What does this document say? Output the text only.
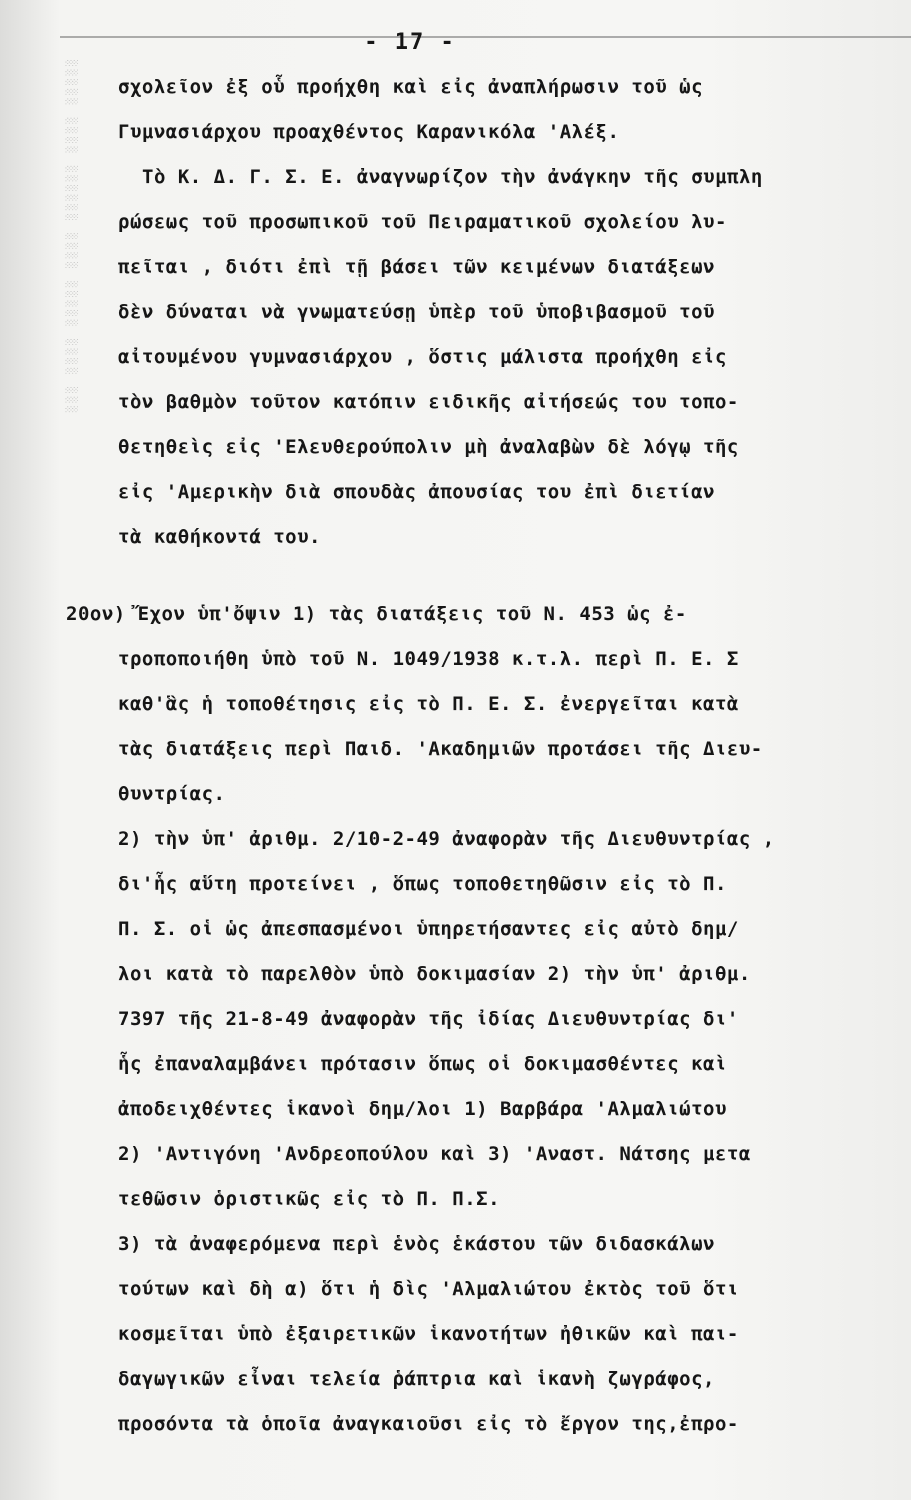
░░░░░ ░░░░ ░░░░░░ ░░░░ ░░░░░ ░░░░ ░░░
- 17 -
σχολεῖον ἐξ οὗ προήχθη καὶ εἰς ἀναπλήρωσιν τοῦ ὡς
Γυμνασιάρχου προαχθέντος Καρανικόλα 'Αλέξ.
Τὸ Κ. Δ. Γ. Σ. Ε. ἀναγνωρίζον τὴν ἀνάγκην τῆς συμπλη
ρώσεως τοῦ προσωπικοῦ τοῦ Πειραματικοῦ σχολείου λυ-
πεῖται , διότι ἐπὶ τῇ βάσει τῶν κειμένων διατάξεων
δὲν δύναται νὰ γνωματεύσῃ ὑπὲρ τοῦ ὑποβιβασμοῦ τοῦ
αἰτουμένου γυμνασιάρχου , ὅστις μάλιστα προήχθη εἰς
τὸν βαθμὸν τοῦτον κατόπιν ειδικῆς αἰτήσεώς του τοπο-
θετηθεὶς εἰς 'Ελευθερούπολιν μὴ ἀναλαβὼν δὲ λόγῳ τῆς
εἰς 'Αμερικὴν διὰ σπουδὰς ἀπουσίας του ἐπὶ διετίαν
τὰ καθήκοντά του.
20ον) Ἔχον ὑπ'ὄψιν 1) τὰς διατάξεις τοῦ Ν. 453 ὡς ἐ-
τροποποιήθη ὑπὸ τοῦ Ν. 1049/1938 κ.τ.λ. περὶ Π. Ε. Σ
καθ'ἃς ἡ τοποθέτησις εἰς τὸ Π. Ε. Σ. ἐνεργεῖται κατὰ
τὰς διατάξεις περὶ Παιδ. 'Ακαδημιῶν προτάσει τῆς Διευ-
θυντρίας.
2) τὴν ὑπ' ἀριθμ. 2/10-2-49 ἀναφορὰν τῆς Διευθυντρίας ,
δι'ἧς αὕτη προτείνει , ὅπως τοποθετηθῶσιν εἰς τὸ Π.
Π. Σ. οἱ ὡς ἀπεσπασμένοι ὑπηρετήσαντες εἰς αὐτὸ δημ/
λοι κατὰ τὸ παρελθὸν ὑπὸ δοκιμασίαν 2) τὴν ὑπ' ἀριθμ.
7397 τῆς 21-8-49 ἀναφορὰν τῆς ἰδίας Διευθυντρίας δι'
ἧς ἐπαναλαμβάνει πρότασιν ὅπως οἱ δοκιμασθέντες καὶ
ἀποδειχθέντες ἱκανοὶ δημ/λοι 1) Βαρβάρα 'Αλμαλιώτου
2) 'Αντιγόνη 'Ανδρεοπούλου καὶ 3) 'Αναστ. Νάτσης μετα
τεθῶσιν ὁριστικῶς εἰς τὸ Π. Π.Σ.
3) τὰ ἀναφερόμενα περὶ ἑνὸς ἑκάστου τῶν διδασκάλων
τούτων καὶ δὴ α) ὅτι ἡ δὶς 'Αλμαλιώτου ἐκτὸς τοῦ ὅτι
κοσμεῖται ὑπὸ ἐξαιρετικῶν ἱκανοτήτων ἠθικῶν καὶ παι-
δαγωγικῶν εἶναι τελεία ῥάπτρια καὶ ἱκανὴ ζωγράφος,
προσόντα τὰ ὁποῖα ἀναγκαιοῦσι εἰς τὸ ἔργον της,ἐπρο-
